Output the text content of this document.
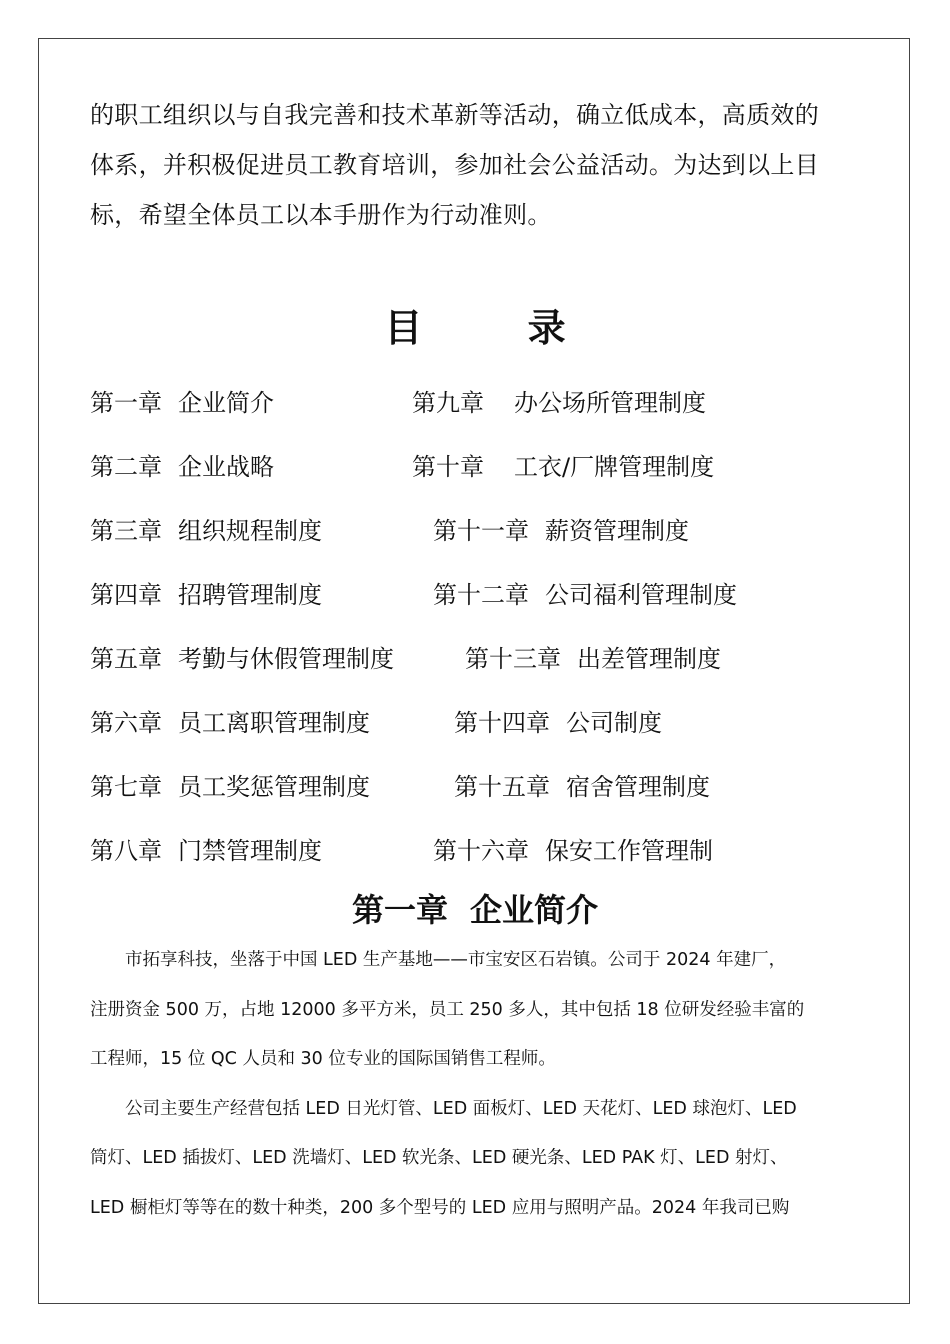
的职工组织以与自我完善和技术革新等活动，确立低成本，高质效的

体系，并积极促进员工教育培训，参加社会公益活动。为达到以上目

标，希望全体员工以本手册作为行动准则。

目 录
第一章 企业简介
第二章 企业战略
第三章 组织规程制度
第四章 招聘管理制度
第五章 考勤与休假管理制度
第六章 员工离职管理制度
第七章 员工奖惩管理制度
第八章 门禁管理制度
第九章 办公场所管理制度
第十章 工衣/厂牌管理制度
第十一章 薪资管理制度
第十二章 公司福利管理制度
第十三章 出差管理制度
第十四章 公司制度
第十五章 宿舍管理制度
第十六章 保安工作管理制
第一章 企业简介

　　市拓享科技，坐落于中国 LED 生产基地——市宝安区石岩镇。公司于 2024 年建厂，

注册资金 500 万，占地 12000 多平方米，员工 250 多人，其中包括 18 位研发经验丰富的

工程师，15 位 QC 人员和 30 位专业的国际国销售工程师。

　　公司主要生产经营包括 LED 日光灯管、LED 面板灯、LED 天花灯、LED 球泡灯、LED

筒灯、LED 插拔灯、LED 洗墙灯、LED 软光条、LED 硬光条、LED PAK 灯、LED 射灯、

LED 橱柜灯等等在的数十种类，200 多个型号的 LED 应用与照明产品。2024 年我司已购
